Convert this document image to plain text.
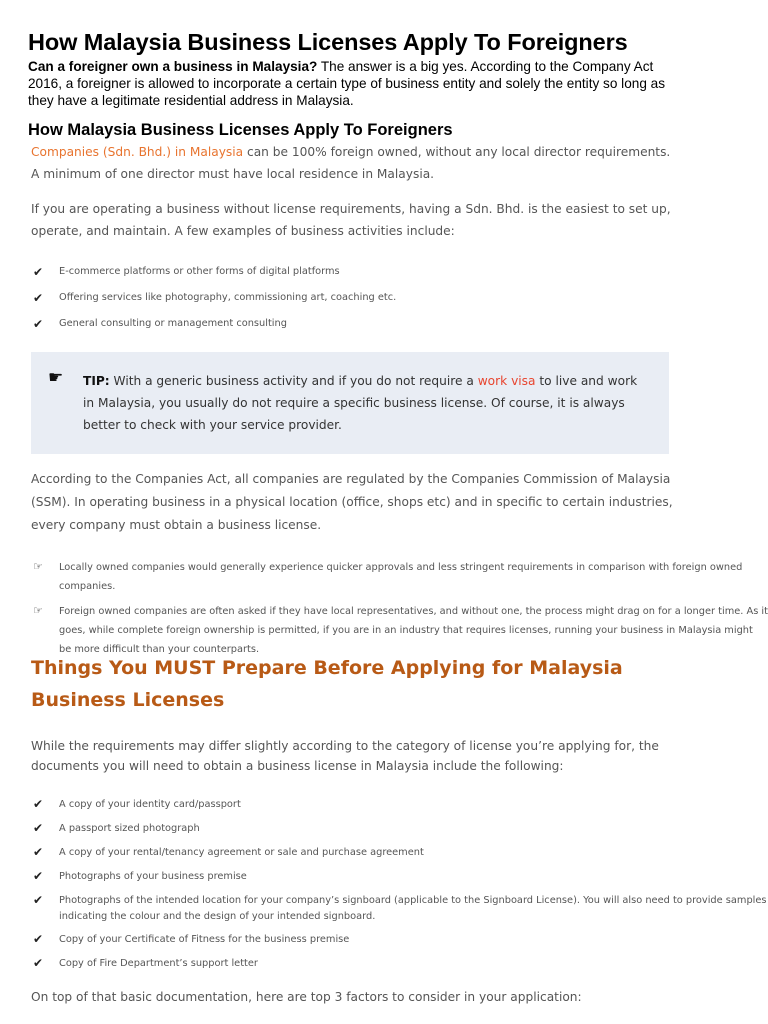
How Malaysia Business Licenses Apply To Foreigners

Can a foreigner own a business in Malaysia? The answer is a big yes. According to the Company Act 2016, a foreigner is allowed to incorporate a certain type of business entity and solely the entity so long as they have a legitimate residential address in Malaysia.

How Malaysia Business Licenses Apply To Foreigners

Companies (Sdn. Bhd.) in Malaysia can be 100% foreign owned, without any local director requirements. A minimum of one director must have local residence in Malaysia.

If you are operating a business without license requirements, having a Sdn. Bhd. is the easiest to set up, operate, and maintain. A few examples of business activities include:

✔ E-commerce platforms or other forms of digital platforms
✔ Offering services like photography, commissioning art, coaching etc.
✔ General consulting or management consulting
☛ TIP: With a generic business activity and if you do not require a work visa to live and work in Malaysia, you usually do not require a specific business license. Of course, it is always better to check with your service provider.

According to the Companies Act, all companies are regulated by the Companies Commission of Malaysia (SSM). In operating business in a physical location (office, shops etc) and in specific to certain industries, every company must obtain a business license.

☞ Locally owned companies would generally experience quicker approvals and less stringent requirements in comparison with foreign owned companies.
☞ Foreign owned companies are often asked if they have local representatives, and without one, the process might drag on for a longer time. As it goes, while complete foreign ownership is permitted, if you are in an industry that requires licenses, running your business in Malaysia might be more difficult than your counterparts.
Things You MUST Prepare Before Applying for Malaysia Business Licenses

While the requirements may differ slightly according to the category of license you’re applying for, the documents you will need to obtain a business license in Malaysia include the following:

✔ A copy of your identity card/passport
✔ A passport sized photograph
✔ A copy of your rental/tenancy agreement or sale and purchase agreement
✔ Photographs of your business premise
✔ Photographs of the intended location for your company’s signboard (applicable to the Signboard License). You will also need to provide samples indicating the colour and the design of your intended signboard.
✔ Copy of your Certificate of Fitness for the business premise
✔ Copy of Fire Department’s support letter

On top of that basic documentation, here are top 3 factors to consider in your application:
